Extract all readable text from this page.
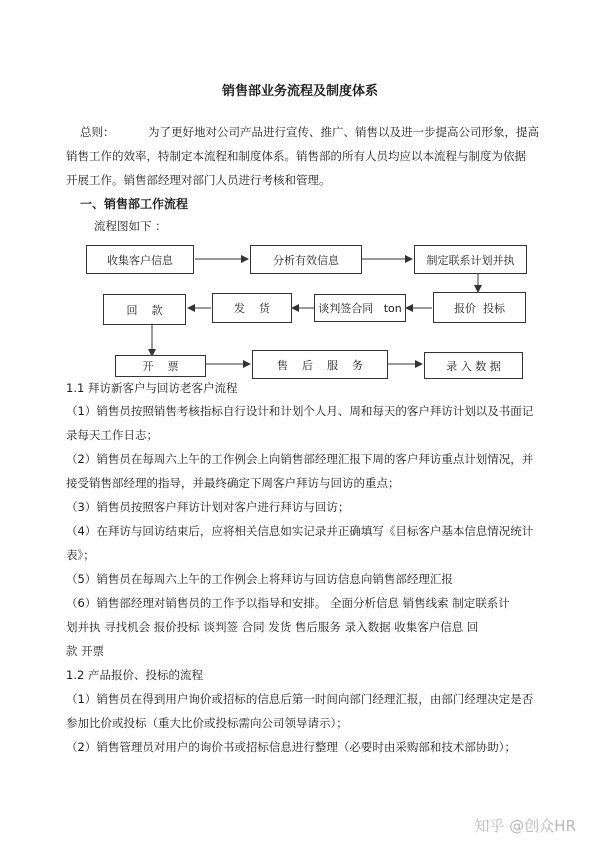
销售部业务流程及制度体系
总则：	为了更好地对公司产品进行宣传、推广、销售以及进一步提高公司形象，提高
销售工作的效率，特制定本流程和制度体系。销售部的所有人员均应以本流程与制度为依据
开展工作。销售部经理对部门人员进行考核和管理。
一、销售部工作流程
流程图如下 ：
收集客户信息	分析有效信息	制定联系计划并执
报价  投标
谈判签合同   ton
发    货
回    款
开    票	售    后    服    务	录 入 数 据
1.1 拜访新客户与回访老客户流程
（1）销售员按照销售考核指标自行设计和计划个人月、周和每天的客户拜访计划以及书面记
录每天工作日志；
（2）销售员在每周六上午的工作例会上向销售部经理汇报下周的客户拜访重点计划情况，并
接受销售部经理的指导，并最终确定下周客户拜访与回访的重点；
（3）销售员按照客户拜访计划对客户进行拜访与回访；
（4）在拜访与回访结束后，应将相关信息如实记录并正确填写《目标客户基本信息情况统计
表》；
（5）销售员在每周六上午的工作例会上将拜访与回访信息向销售部经理汇报
（6）销售部经理对销售员的工作予以指导和安排。 全面分析信息 销售线索 制定联系计
划并执 寻找机会 报价投标 谈判签 合同 发货 售后服务 录入数据 收集客户信息 回
款 开票
1.2 产品报价、投标的流程
（1）销售员在得到用户询价或招标的信息后第一时间向部门经理汇报，由部门经理决定是否
参加比价或投标（重大比价或投标需向公司领导请示）；
（2）销售管理员对用户的询价书或招标信息进行整理（必要时由采购部和技术部协助）；
知乎 @创众HR
